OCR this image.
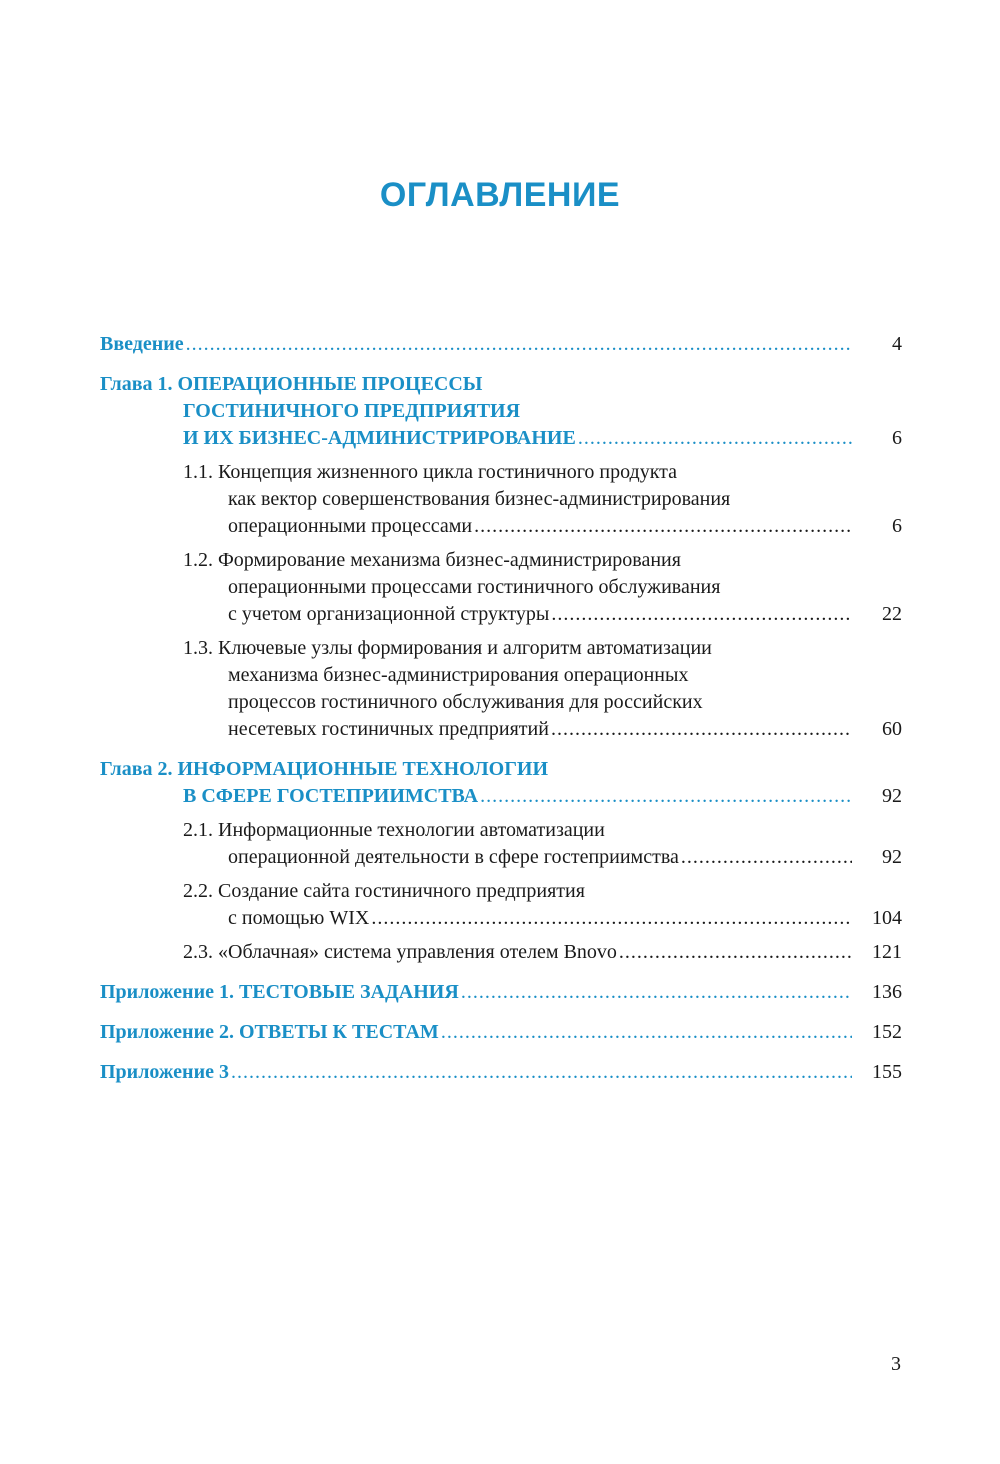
ОГЛАВЛЕНИЕ
Введение . . .	4
Глава 1. ОПЕРАЦИОННЫЕ ПРОЦЕССЫ
ГОСТИНИЧНОГО ПРЕДПРИЯТИЯ
И ИХ БИЗНЕС-АДМИНИСТРИРОВАНИЕ . . .	6
1.1. Концепция жизненного цикла гостиничного продукта
как вектор совершенствования бизнес-администрирования
операционными процессами . . .	6
1.2. Формирование механизма бизнес-администрирования
операционными процессами гостиничного обслуживания
с учетом организационной структуры . . .	22
1.3. Ключевые узлы формирования и алгоритм автоматизации
механизма бизнес-администрирования операционных
процессов гостиничного обслуживания для российских
несетевых гостиничных предприятий . . .	60
Глава 2. ИНФОРМАЦИОННЫЕ ТЕХНОЛОГИИ
В СФЕРЕ ГОСТЕПРИИМСТВА . . .	92
2.1. Информационные технологии автоматизации
операционной деятельности в сфере гостеприимства . . .	92
2.2. Создание сайта гостиничного предприятия
с помощью WIX . . .	104
2.3. «Облачная» система управления отелем Bnovo . . .	121
Приложение 1. ТЕСТОВЫЕ ЗАДАНИЯ . . .	136
Приложение 2. ОТВЕТЫ К ТЕСТАМ . . .	152
Приложение 3 . . .	155
3
